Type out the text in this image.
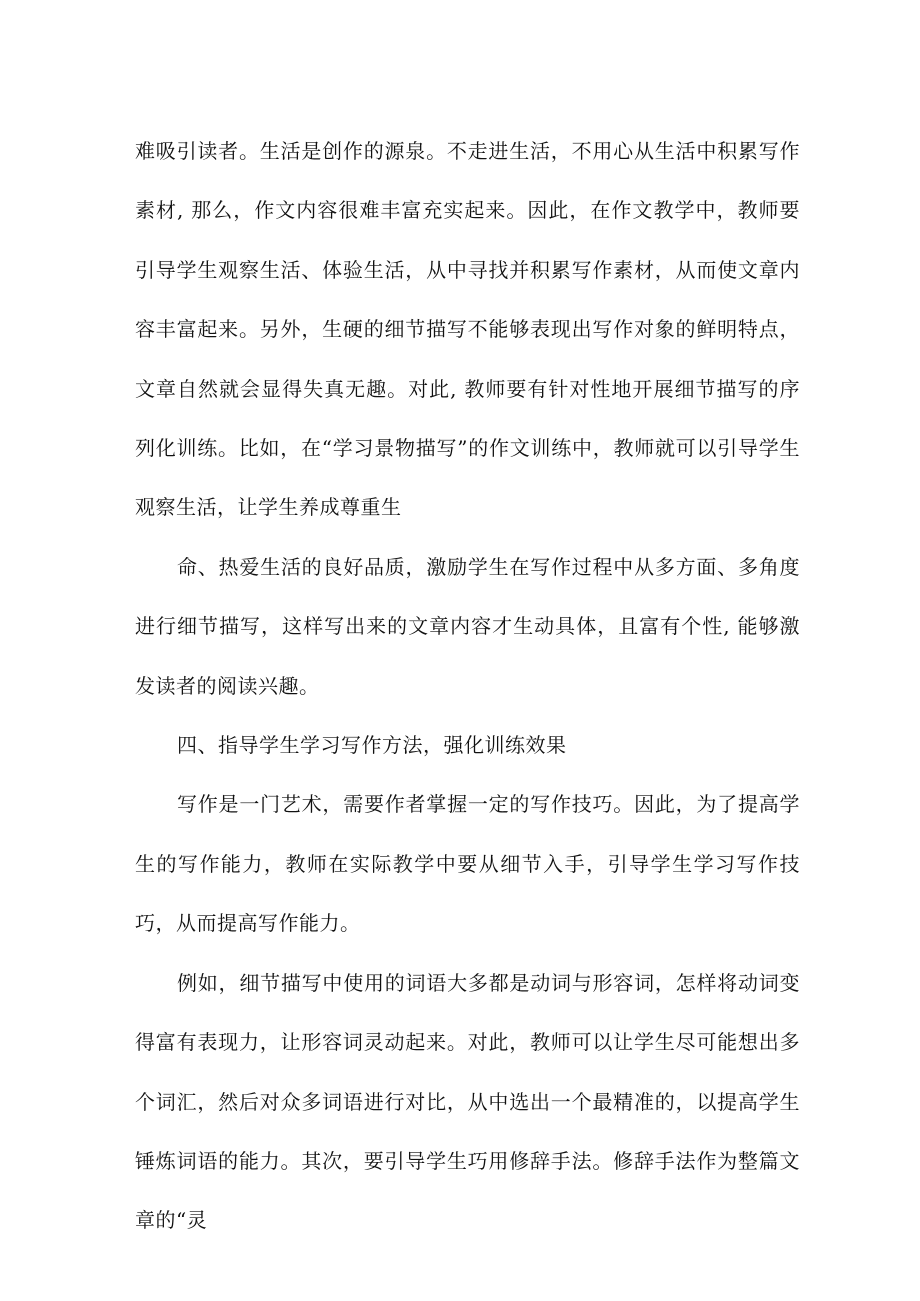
难吸引读者。生活是创作的源泉。不走进生活，不用心从生活中积累写作素材, 那么，作文内容很难丰富充实起来。因此，在作文教学中，教师要引导学生观察生活、体验生活，从中寻找并积累写作素材，从而使文章内容丰富起来。另外，生硬的细节描写不能够表现出写作对象的鲜明特点，文章自然就会显得失真无趣。对此, 教师要有针对性地开展细节描写的序列化训练。比如，在“学习景物描写”的作文训练中，教师就可以引导学生观察生活，让学生养成尊重生

命、热爱生活的良好品质，激励学生在写作过程中从多方面、多角度进行细节描写，这样写出来的文章内容才生动具体，且富有个性, 能够激发读者的阅读兴趣。

四、指导学生学习写作方法，强化训练效果

写作是一门艺术，需要作者掌握一定的写作技巧。因此，为了提高学生的写作能力，教师在实际教学中要从细节入手，引导学生学习写作技巧，从而提高写作能力。

例如，细节描写中使用的词语大多都是动词与形容词，怎样将动词变得富有表现力，让形容词灵动起来。对此，教师可以让学生尽可能想出多个词汇，然后对众多词语进行对比，从中选出一个最精准的，以提高学生锤炼词语的能力。其次，要引导学生巧用修辞手法。修辞手法作为整篇文章的“灵
